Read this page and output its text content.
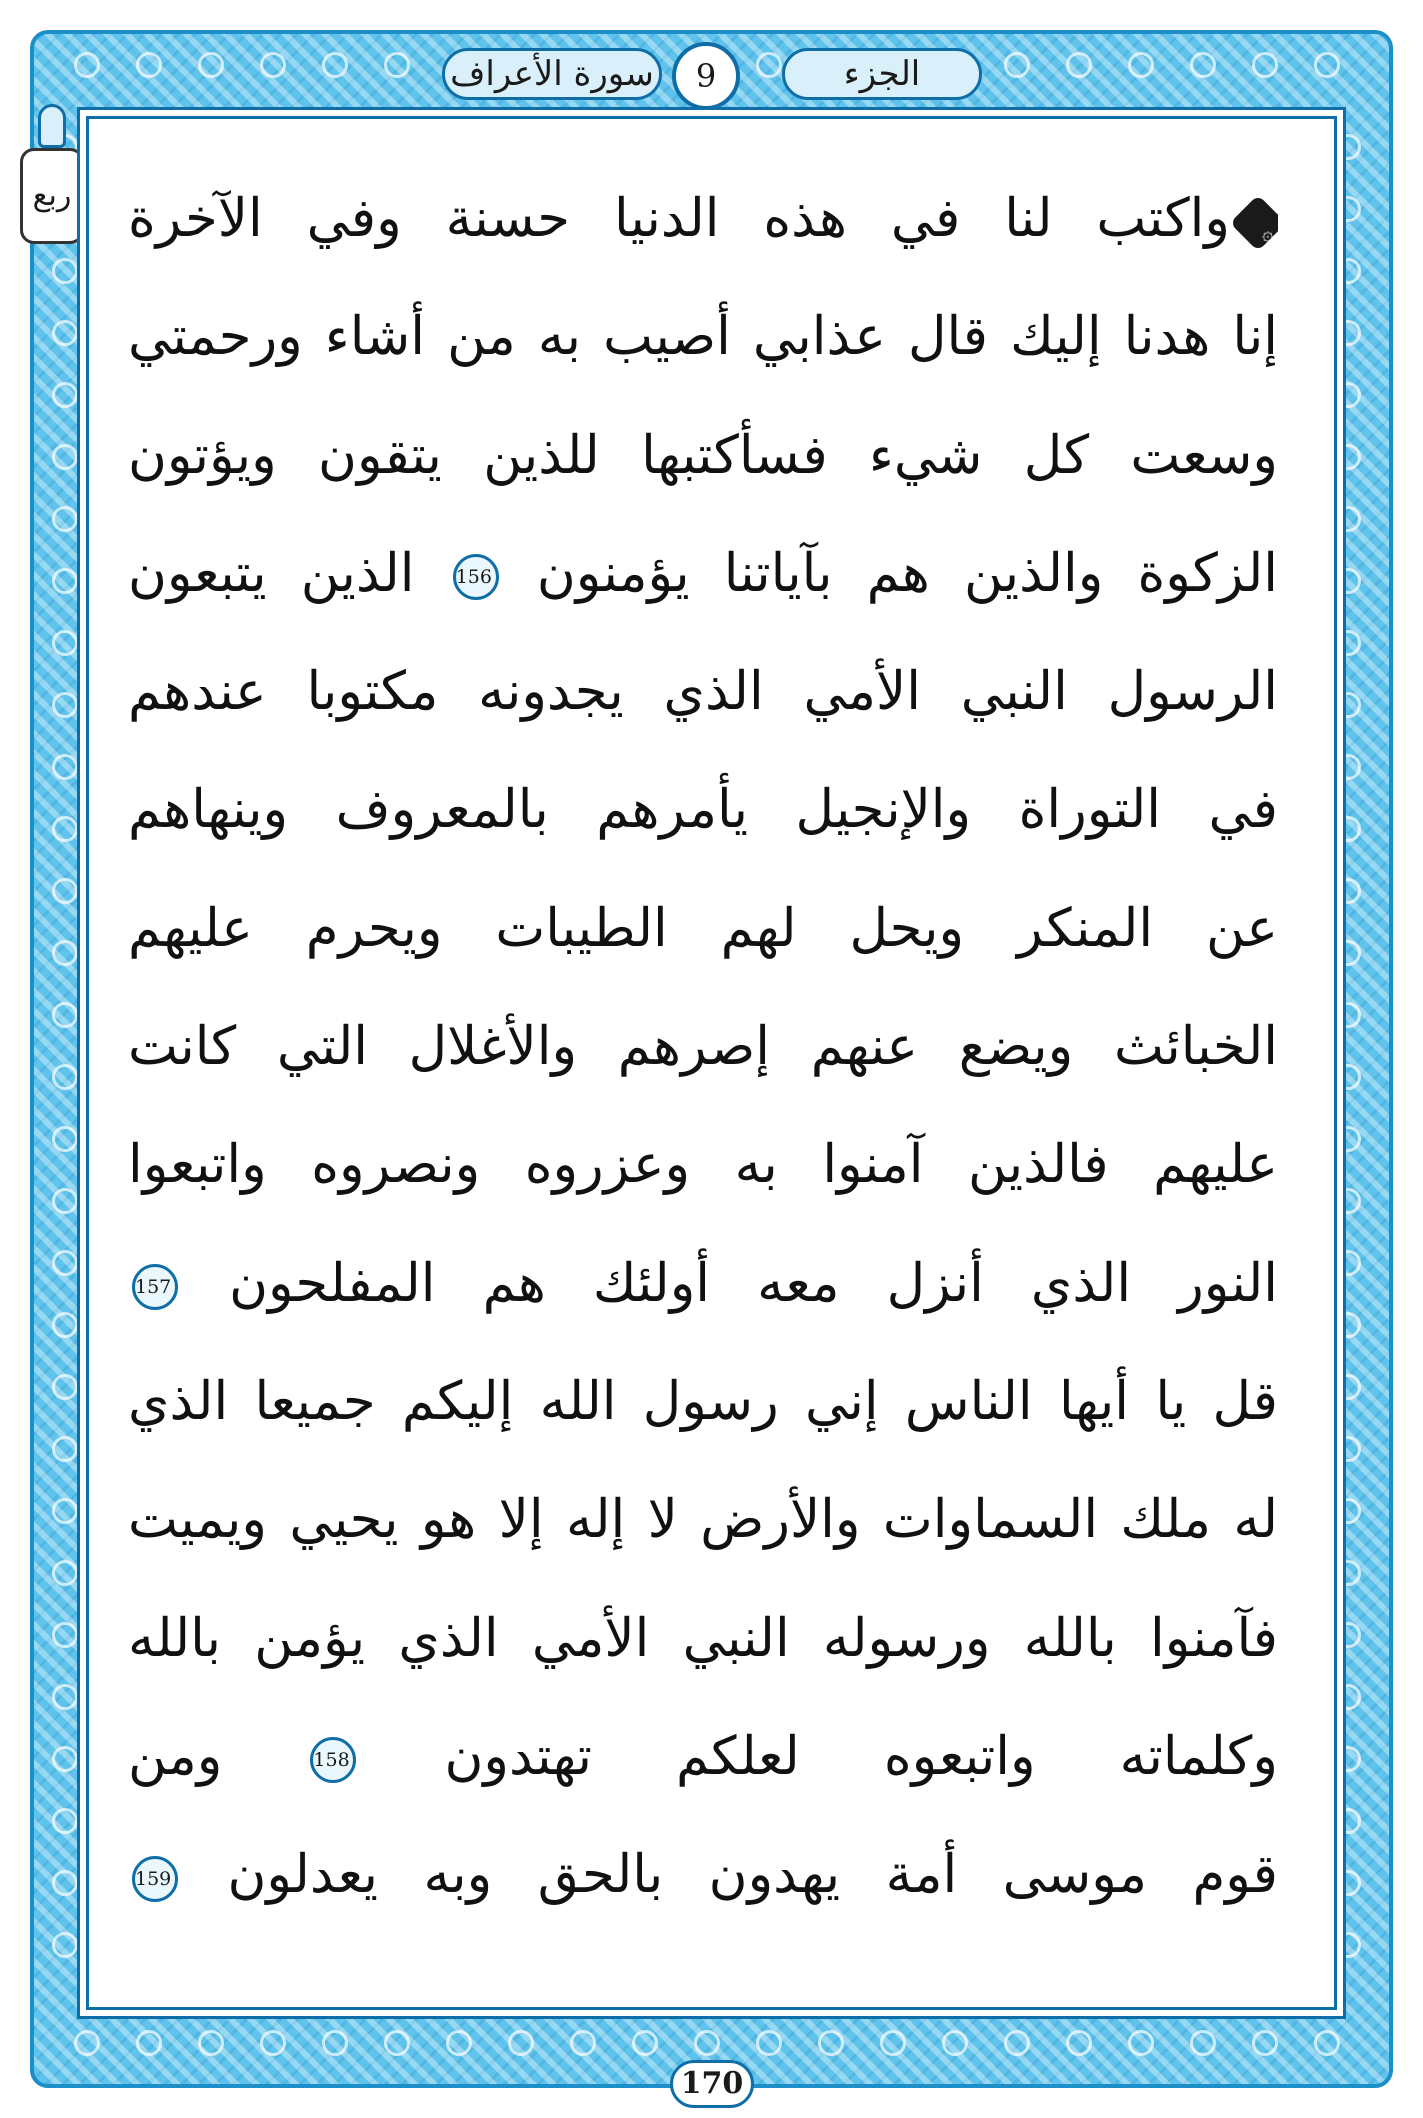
سورة الأعراف	9	الجزء
ربع
۞واكتب لنا في هذه الدنيا حسنة وفي الآخرة
إنا هدنا إليك قال عذابي أصيب به من أشاء ورحمتي
وسعت كل شيء فسأكتبها للذين يتقون ويؤتون
الزكوة والذين هم بآياتنا يؤمنون 156 الذين يتبعون
الرسول النبي الأمي الذي يجدونه مكتوبا عندهم
في التوراة والإنجيل يأمرهم بالمعروف وينهاهم
عن المنكر ويحل لهم الطيبات ويحرم عليهم
الخبائث ويضع عنهم إصرهم والأغلال التي كانت
عليهم فالذين آمنوا به وعزروه ونصروه واتبعوا
النور الذي أنزل معه أولئك هم المفلحون 157
قل يا أيها الناس إني رسول الله إليكم جميعا الذي
له ملك السماوات والأرض لا إله إلا هو يحيي ويميت
فآمنوا بالله ورسوله النبي الأمي الذي يؤمن بالله
وكلماته واتبعوه لعلكم تهتدون 158 ومن
قوم موسى أمة يهدون بالحق وبه يعدلون 159
170
